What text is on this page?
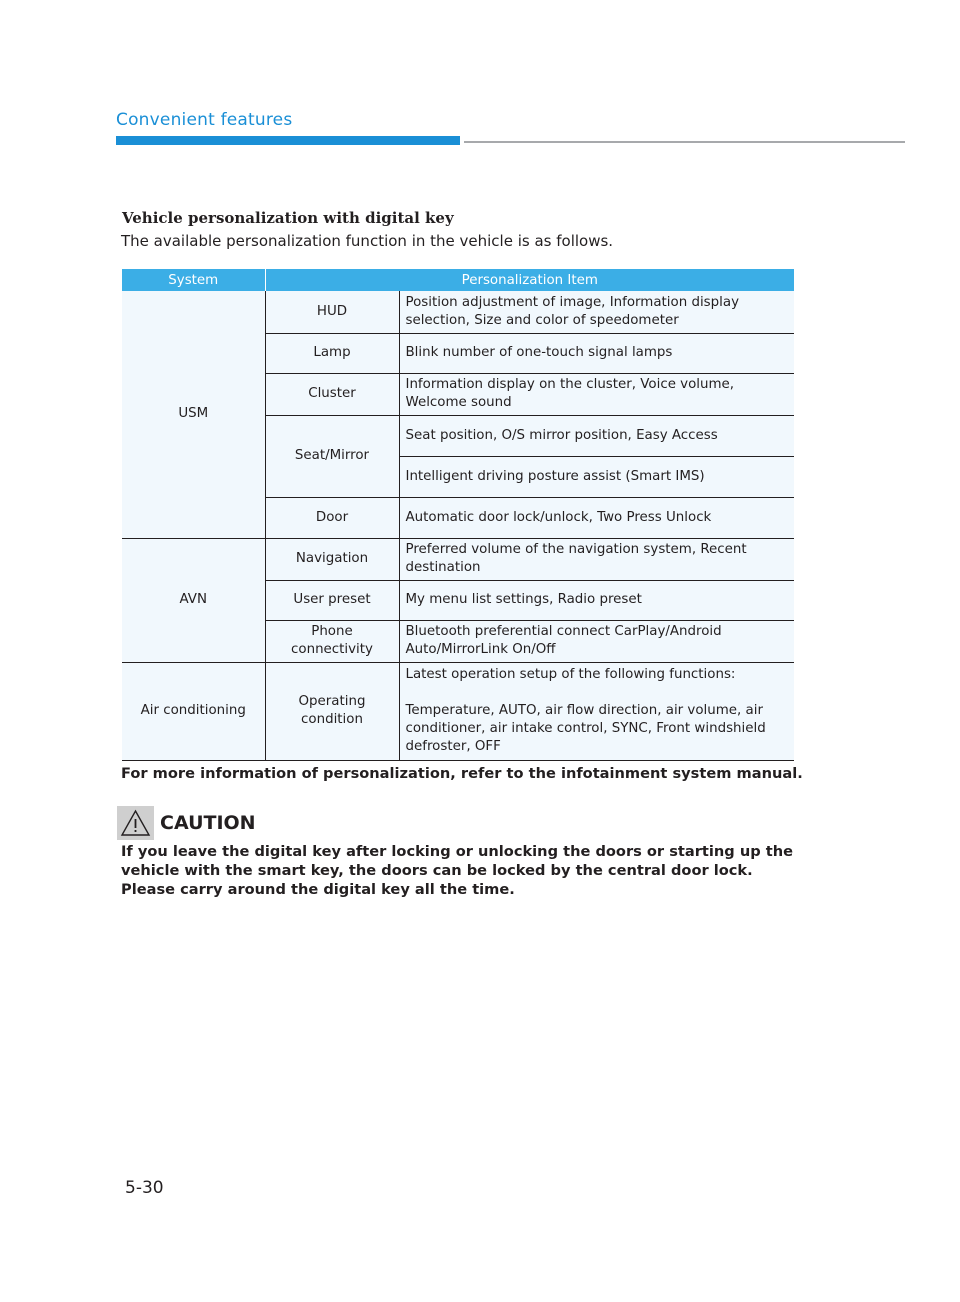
Convenient features
Vehicle personalization with digital key
The available personalization function in the vehicle is as follows.
System	Personalization Item	
USM	HUD	Position adjustment of image, Information display selection, Size and color of speedometer
	Lamp	Blink number of one-touch signal lamps
	Cluster	Information display on the cluster, Voice volume, Welcome sound
	Seat/Mirror	Seat position, O/S mirror position, Easy Access
		Intelligent driving posture assist (Smart IMS)
	Door	Automatic door lock/unlock, Two Press Unlock
AVN	Navigation	Preferred volume of the navigation system, Recent destination
	User preset	My menu list settings, Radio preset
	Phone connectivity	Bluetooth preferential connect CarPlay/Android Auto/MirrorLink On/Off
Air conditioning	Operating condition	Latest operation setup of the following functions:
Temperature, AUTO, air flow direction, air volume, air conditioner, air intake control, SYNC, Front windshield defroster, OFF
For more information of personalization, refer to the infotainment system manual.
CAUTION
If you leave the digital key after locking or unlocking the doors or starting up the vehicle with the smart key, the doors can be locked by the central door lock. Please carry around the digital key all the time.
5-30
